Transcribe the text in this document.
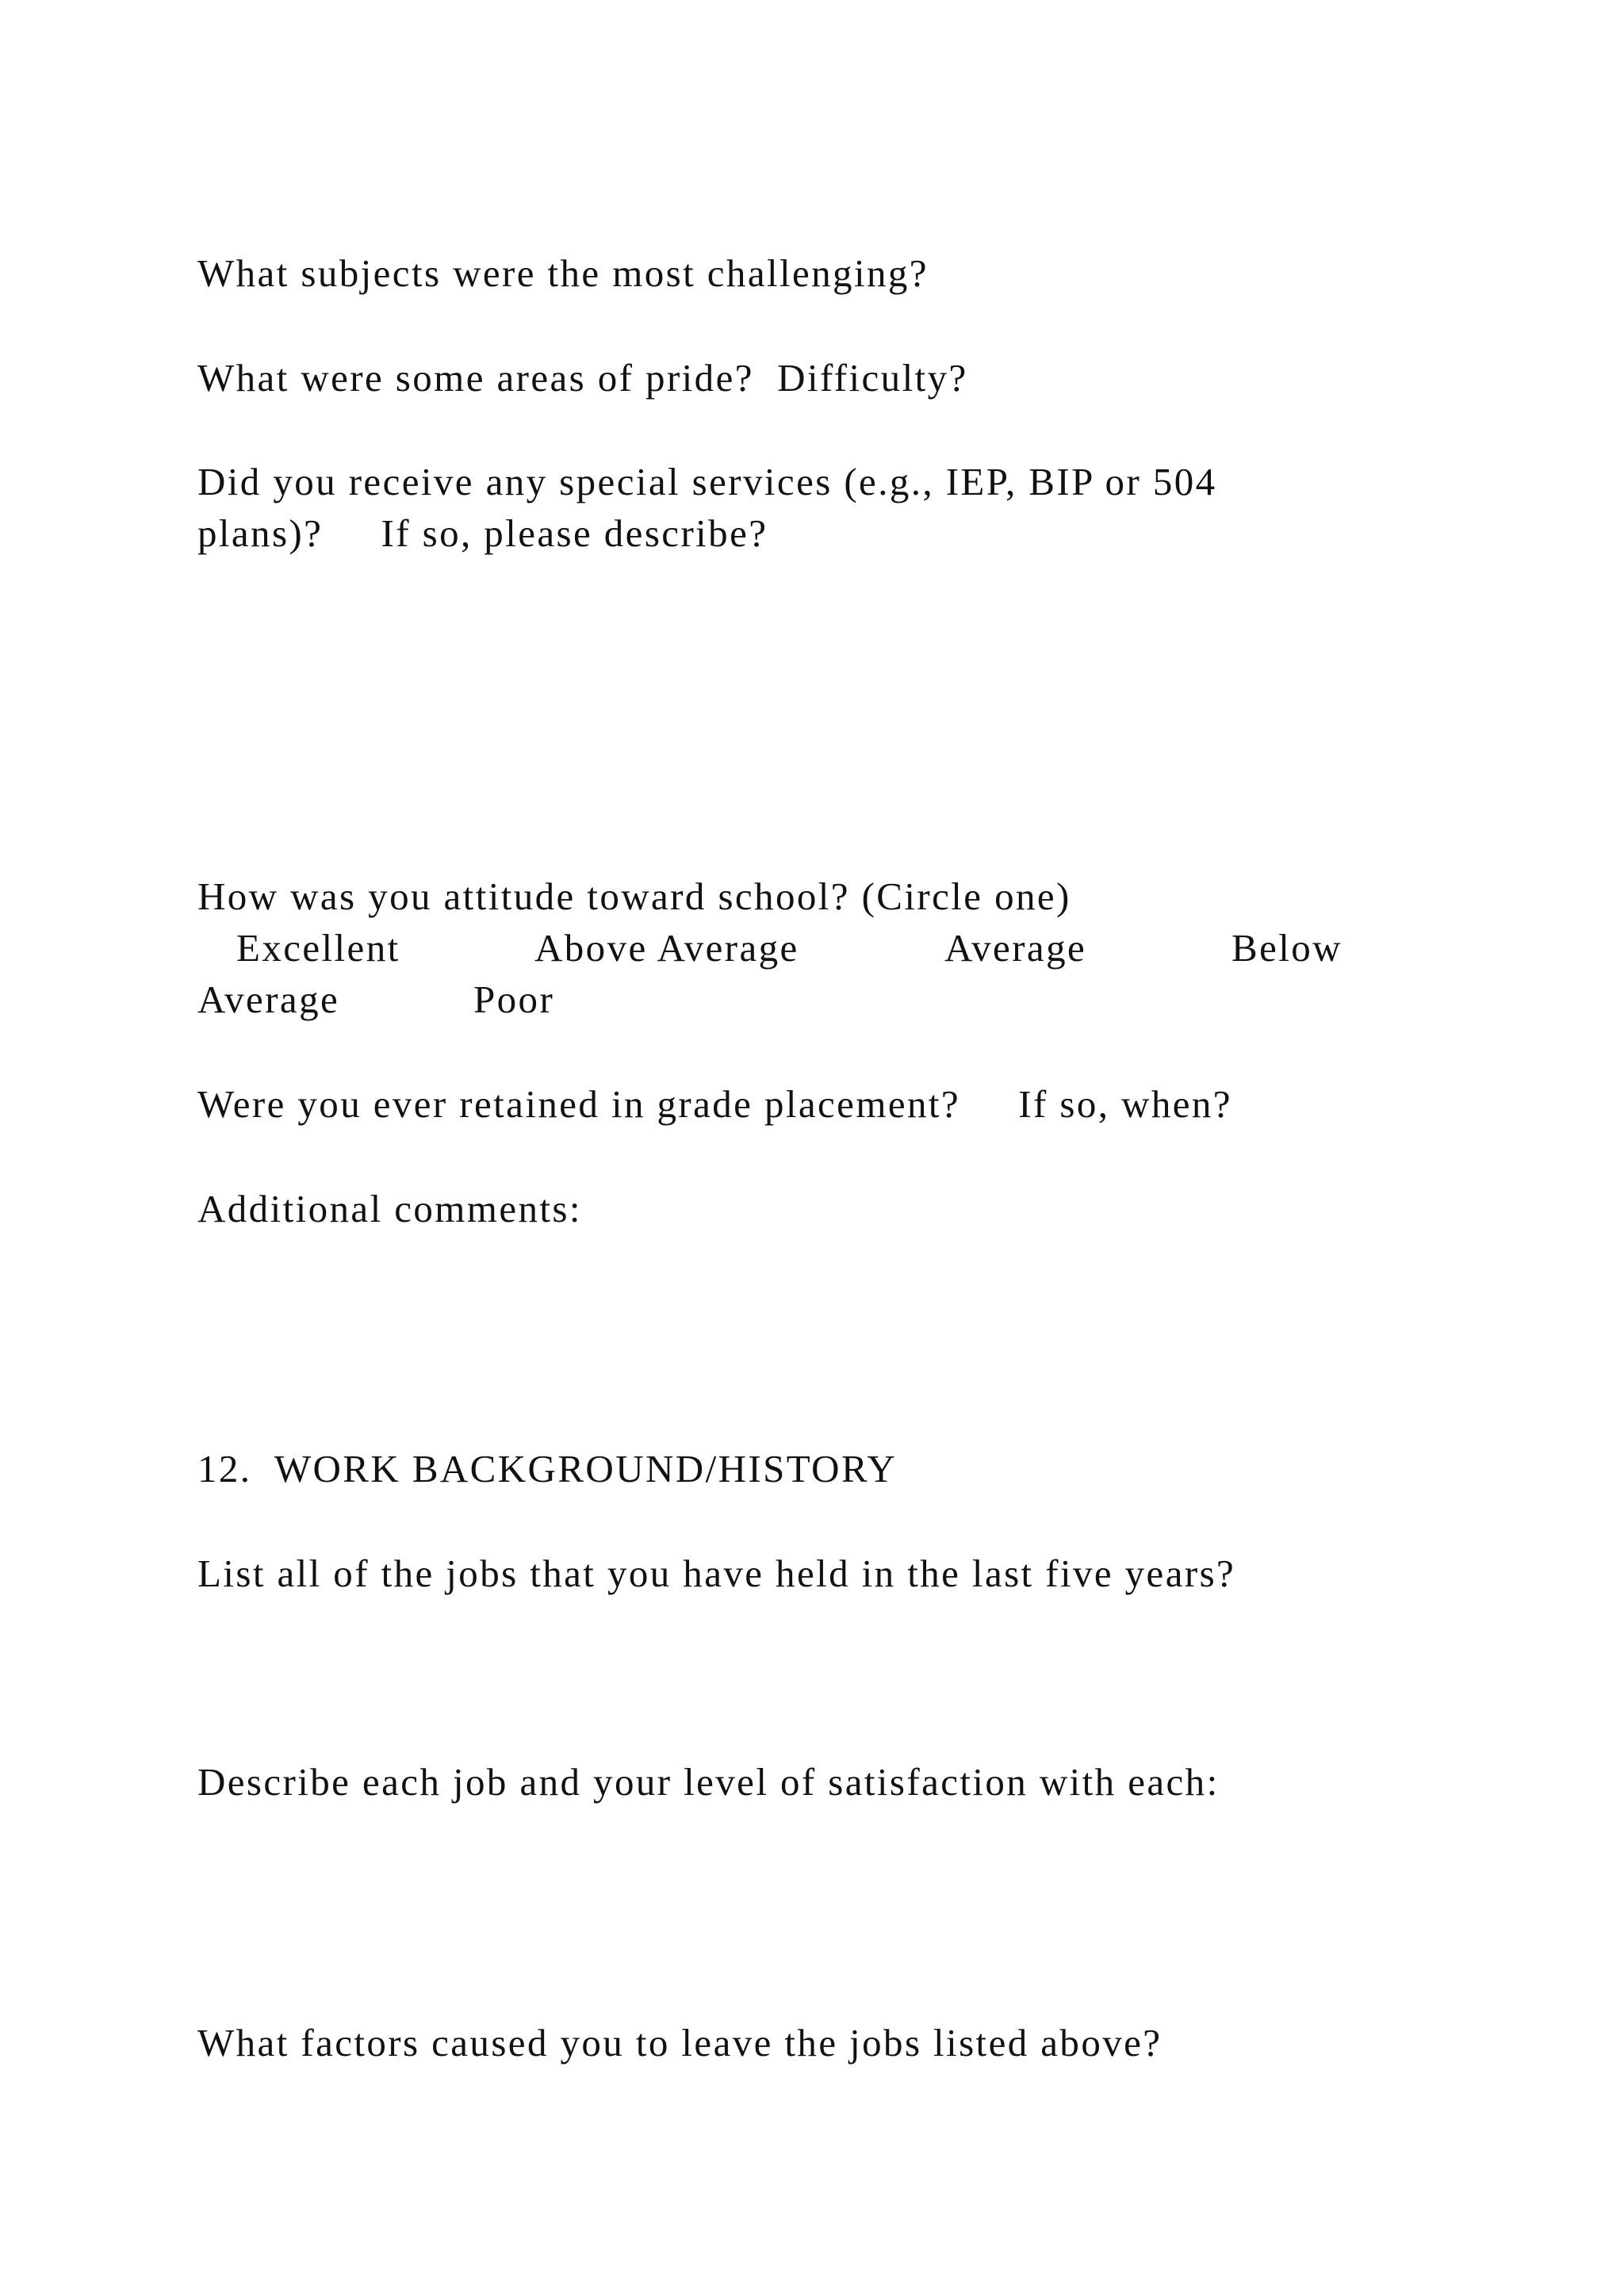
What subjects were the most challenging?
What were some areas of pride?  Difficulty?
Did you receive any special services (e.g., IEP, BIP or 504
plans)?     If so, please describe?
How was you attitude toward school? (Circle one)
Excellent	Above Average	Average	Below
Average	Poor
Were you ever retained in grade placement?     If so, when?
Additional comments:
12.  WORK BACKGROUND/HISTORY
List all of the jobs that you have held in the last five years?
Describe each job and your level of satisfaction with each:
What factors caused you to leave the jobs listed above?
